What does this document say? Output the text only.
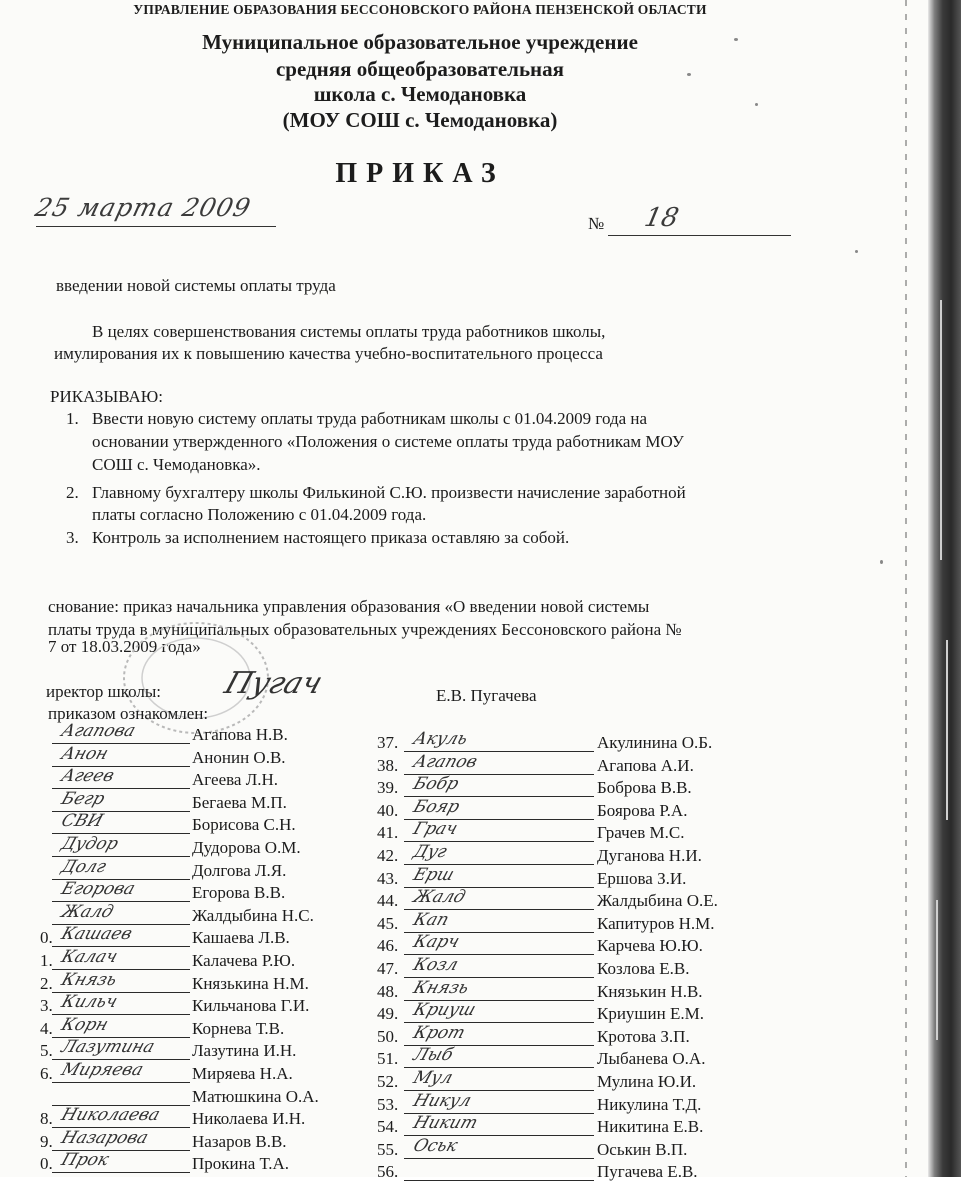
УПРАВЛЕНИЕ ОБРАЗОВАНИЯ БЕССОНОВСКОГО РАЙОНА ПЕНЗЕНСКОЙ ОБЛАСТИ
Муниципальное образовательное учреждение
средняя общеобразовательная
школа с. Чемодановка
(МОУ СОШ с. Чемодановка)
ПРИКАЗ
25 марта 2009
№ 18
введении новой системы оплаты труда
В целях совершенствования системы оплаты труда работников школы,
имулирования их к повышению качества учебно-воспитательного процесса
РИКАЗЫВАЮ:
1. Ввести новую систему оплаты труда работникам школы с 01.04.2009 года на
основании утвержденного «Положения о системе оплаты труда работникам МОУ
СОШ с. Чемодановка».
2. Главному бухгалтеру школы Филькиной С.Ю. произвести начисление заработной
платы согласно Положению с 01.04.2009 года.
3. Контроль за исполнением настоящего приказа оставляю за собой.
снование: приказ начальника управления образования «О введении новой системы
платы труда в муниципальных образовательных учреждениях Бессоновского района №
7 от 18.03.2009 года»
иректор школы: Пугач	Е.В. Пугачева
приказом ознакомлен:
Агапова	Агапова Н.В.
Анон	Анонин О.В.
Агеев	Агеева Л.Н.
Бегр	Бегаева М.П.
СВИ	Борисова С.Н.
Дудор	Дудорова О.М.
Долг	Долгова Л.Я.
Егорова	Егорова В.В.
Жалд	Жалдыбина Н.С.
0. Кашаев	Кашаева Л.В.
1. Калач	Калачева Р.Ю.
2. Князь	Князькина Н.М.
3. Кильч	Кильчанова Г.И.
4. Корн	Корнева Т.В.
5. Лазутина Лазутина И.Н.
6. Миряева	Миряева Н.А.
Матюшкина О.А.
8. Николаева Николаева И.Н.
9. Назарова Назаров В.В.
0. Прок	Прокина Т.А.
37. Акуль	Акулинина О.Б.
38. Агапов	Агапова А.И.
39. Бобр	Боброва В.В.
40. Бояр	Боярова Р.А.
41. Грач	Грачев М.С.
42. Дуг	Дуганова Н.И.
43. Ерш	Ершова З.И.
44. Жалд	Жалдыбина О.Е.
45. Кап	Капитуров Н.М.
46. Карч	Карчева Ю.Ю.
47. Козл	Козлова Е.В.
48. Князь	Князькин Н.В.
49. Криуш	Криушин Е.М.
50. Крот	Кротова З.П.
51. Лыб	Лыбанева О.А.
52. Мул	Мулина Ю.И.
53. Никул	Никулина Т.Д.
54. Никит	Никитина Е.В.
55. Оськ	Оськин В.П.
56.	Пугачева Е.В.
